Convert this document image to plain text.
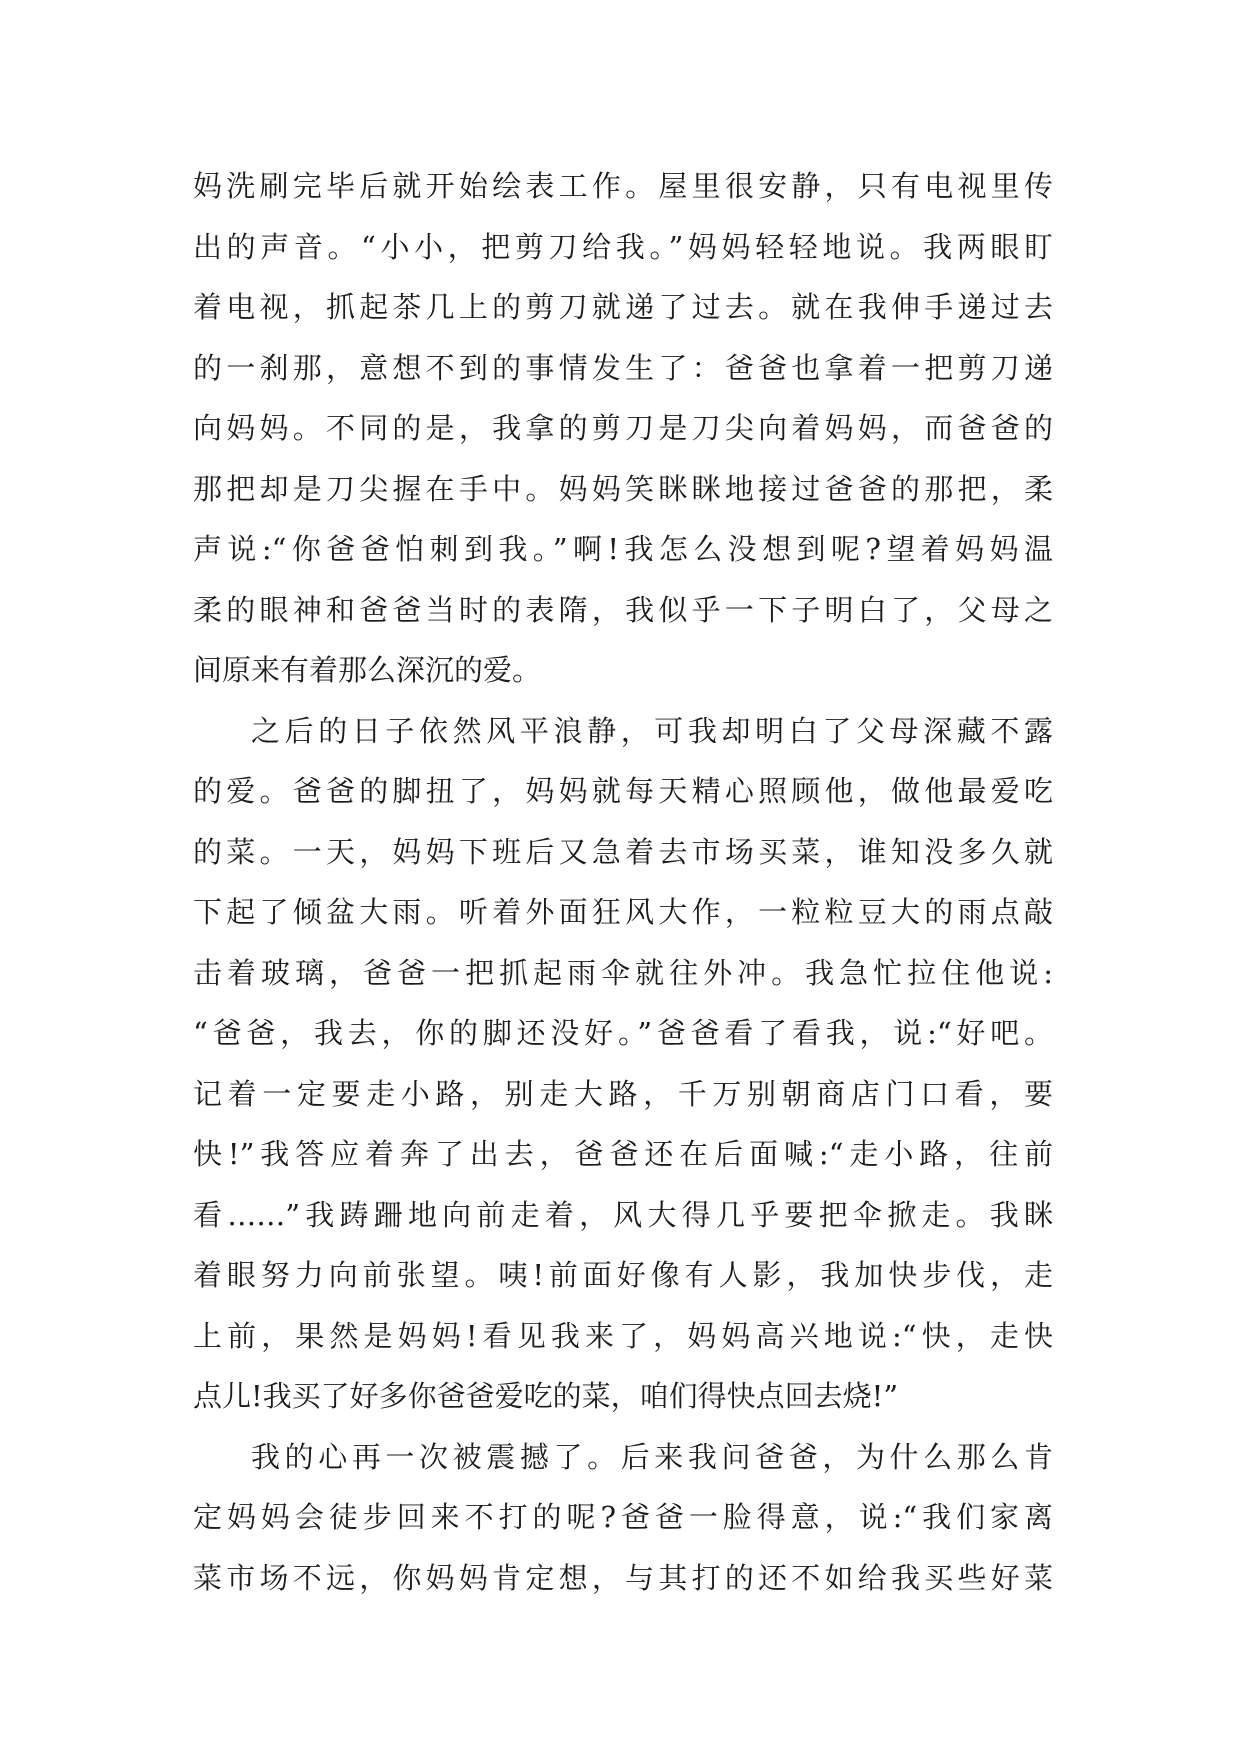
妈洗刷完毕后就开始绘表工作。屋里很安静，只有电视里传
出的声音。“小小，把剪刀给我。”妈妈轻轻地说。我两眼盯
着电视，抓起茶几上的剪刀就递了过去。就在我伸手递过去
的一刹那，意想不到的事情发生了：爸爸也拿着一把剪刀递
向妈妈。不同的是，我拿的剪刀是刀尖向着妈妈，而爸爸的
那把却是刀尖握在手中。妈妈笑眯眯地接过爸爸的那把，柔
声说:“你爸爸怕刺到我。”啊!我怎么没想到呢?望着妈妈温
柔的眼神和爸爸当时的表隋，我似乎一下子明白了，父母之
间原来有着那么深沉的爱。
之后的日子依然风平浪静，可我却明白了父母深藏不露
的爱。爸爸的脚扭了，妈妈就每天精心照顾他，做他最爱吃
的菜。一天，妈妈下班后又急着去市场买菜，谁知没多久就
下起了倾盆大雨。听着外面狂风大作，一粒粒豆大的雨点敲
击着玻璃，爸爸一把抓起雨伞就往外冲。我急忙拉住他说:
“爸爸，我去，你的脚还没好。”爸爸看了看我，说:“好吧。
记着一定要走小路，别走大路，千万别朝商店门口看，要
快!”我答应着奔了出去，爸爸还在后面喊:“走小路，往前
看……”我踌跚地向前走着，风大得几乎要把伞掀走。我眯
着眼努力向前张望。咦!前面好像有人影，我加快步伐，走
上前，果然是妈妈!看见我来了，妈妈高兴地说:“快，走快
点儿!我买了好多你爸爸爱吃的菜，咱们得快点回去烧!”
我的心再一次被震撼了。后来我问爸爸，为什么那么肯
定妈妈会徒步回来不打的呢?爸爸一脸得意，说:“我们家离
菜市场不远，你妈妈肯定想，与其打的还不如给我买些好菜
